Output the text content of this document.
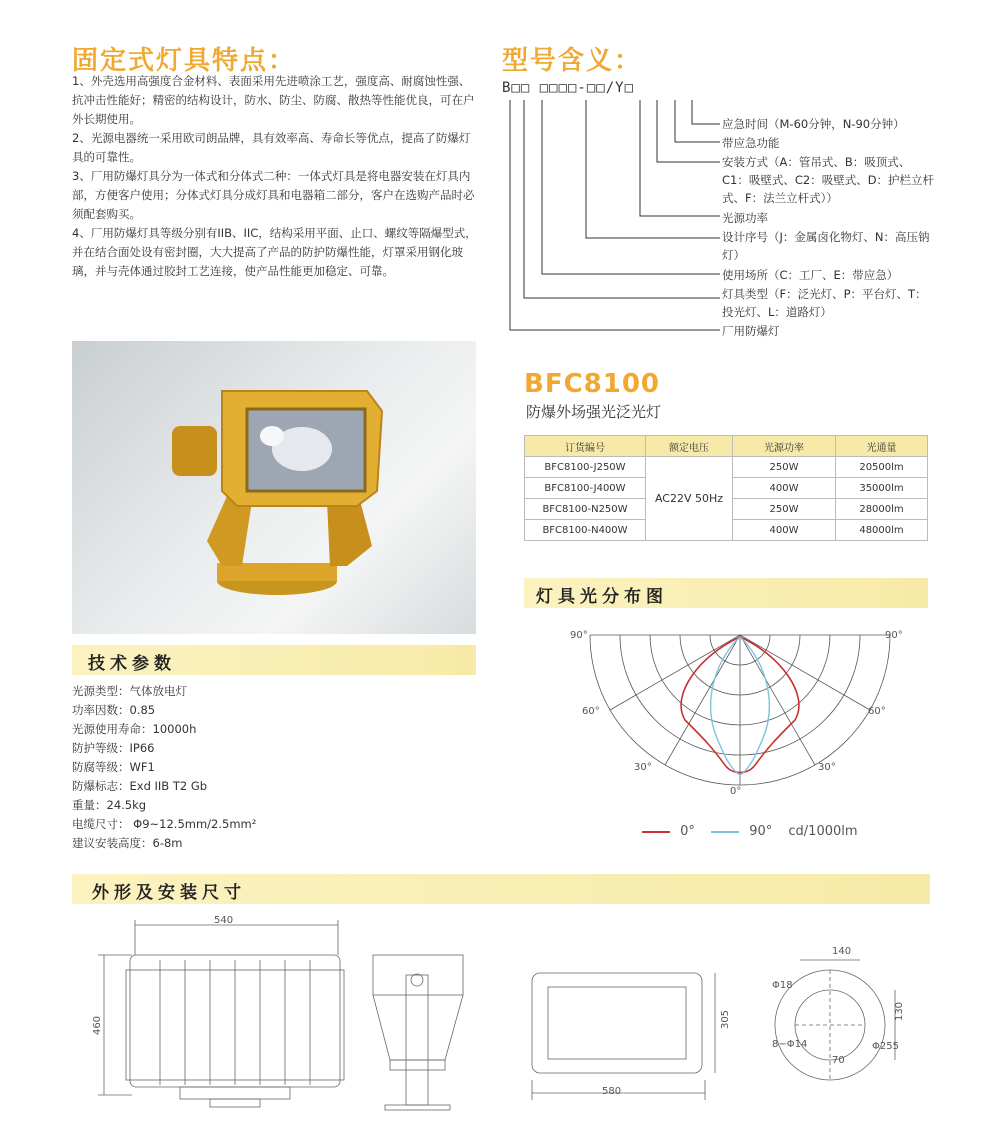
固定式灯具特点：

1、外壳选用高强度合金材料、表面采用先进喷涂工艺，强度高、耐腐蚀性强、抗冲击性能好；精密的结构设计，防水、防尘、防腐、散热等性能优良，可在户外长期使用。

2、光源电器统一采用欧司朗品牌，具有效率高、寿命长等优点，提高了防爆灯具的可靠性。

3、厂用防爆灯具分为一体式和分体式二种：一体式灯具是将电器安装在灯具内部，方便客户使用；分体式灯具分成灯具和电器箱二部分，客户在选购产品时必须配套购买。

4、厂用防爆灯具等级分别有IIB、IIC，结构采用平面、止口、螺纹等隔爆型式，并在结合面处设有密封圈，大大提高了产品的防护防爆性能，灯罩采用钢化玻璃，并与壳体通过胶封工艺连接，使产品性能更加稳定、可靠。

型号含义：
B□□ □□□□-□□/Y□
应急时间（M-60分钟，N-90分钟）
带应急功能
安装方式（A：管吊式、B：吸顶式、C1：吸壁式、C2：吸壁式、D：护栏立杆式、F：法兰立杆式））
光源功率
设计序号（J：金属卤化物灯、N：高压钠灯）
使用场所（C：工厂、E：带应急）
灯具类型（F：泛光灯、P：平台灯、T：投光灯、L：道路灯）
厂用防爆灯
技术参数
光源类型：气体放电灯
功率因数：0.85
光源使用寿命：10000h
防护等级：IP66
防腐等级：WF1
防爆标志：Exd IIB T2 Gb
重量：24.5kg
电缆尺寸： Φ9~12.5mm/2.5mm²
建议安装高度：6-8m
BFC8100
防爆外场强光泛光灯
订货编号	额定电压	光源功率	光通量
BFC8100-J250W	AC22V 50Hz	250W	20500lm
BFC8100-J400W		400W	35000lm
BFC8100-N250W		250W	28000lm
BFC8100-N400W		400W	48000lm
灯具光分布图
90°	90°
60°	60°
30°	30°
0°
0°	90° cd/1000lm
外形及安装尺寸
540
460	305
580
140
130
70
Φ18
8−Φ14	Φ255
